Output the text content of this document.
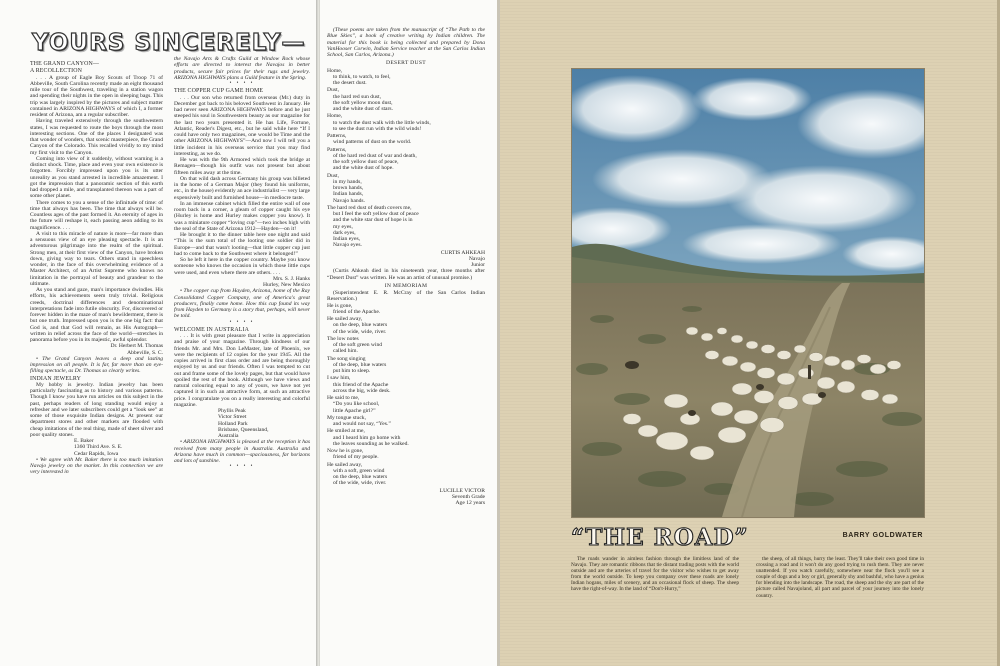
YOURS SINCERELY—
THE GRAND CANYON—
A RECOLLECTION

. . . A group of Eagle Boy Scouts of Troop 71 of Abbeville, South Carolina recently made an eight thousand mile tour of the Southwest, traveling in a station wagon and spending their nights in the open in sleeping bags. This trip was largely inspired by the pictures and subject matter contained in ARIZONA HIGHWAYS of which I, a former resident of Arizona, am a regular subscriber.

Having traveled extensively through the southwestern states, I was requested to route the boys through the most interesting sections. One of the places I designated was that wonder of wonders, that scenic masterpiece, the Grand Canyon of the Colorado. This recalled vividly to my mind my first visit to the Canyon.

Coming into view of it suddenly, without warning is a distinct shock. Time, place and even your own existence is forgotten. Forcibly impressed upon you is its utter unreality as you stand arrested in incredible amazement. I got the impression that a panoramic section of this earth had dropped a mile, and transplanted thereon was a part of some other planet.

There comes to you a sense of the infinitude of time: of time that always has been. The time that always will be. Countless ages of the past formed it. An eternity of ages in the future will reshape it, each passing aeon adding to its magnificence. . . .

A visit to this miracle of nature is more—far more than a sensuous view of an eye pleasing spectacle. It is an adventurous pilgrimage into the realm of the spiritual. Strong men, at their first view of the Canyon, have broken down, giving way to tears. Others stand in speechless wonder, in the face of this overwhelming evidence of a Master Architect, of an Artist Supreme who knows no limitation in the portrayal of beauty and grandeur to the ultimate.

As you stand and gaze, man's importance dwindles. His efforts, his achievements seem truly trivial. Religious creeds, doctrinal differences and denominational interpretations fade into futile obscurity. For, discovered or forever hidden in the maze of man's bewilderment, there is but one truth. Impressed upon you is the one big fact: that God is, and that God will remain, as His Autograph—written in relief across the face of the world—stretches in panorama before you in its majestic, awful splendor.

Dr. Herbert M. Thomas

Abbeville, S. C.

• The Grand Canyon leaves a deep and lasting impression on all people. It is far, far more than an eye-filling spectacle, as Dr. Thomas so clearly writes.

INDIAN JEWELRY

My hobby is jewelry. Indian jewelry has been particularly fascinating as to history and various patterns. Though I know you have run articles on this subject in the past, perhaps readers of long standing would enjoy a refresher and we later subscribers could get a “look see” at some of those exquisite Indian designs. At present our department stores and other markets are flooded with cheap imitations of the real thing, made of sheet silver and poor quality stones.

E. Baker

1360 Third Ave. S. E.

Cedar Rapids, Iowa

• We agree with Mr. Baker there is too much imitation Navajo jewelry on the market. In this connection we are very interested in

the Navajo Arts & Crafts Guild at Window Rock whose efforts are directed to interest the Navajos in better products, secure fair prices for their rugs and jewelry. ARIZONA HIGHWAYS plans a Guild feature in the Spring.

• • • •

THE COPPER CUP GAME HOME

. . . Our son who returned from overseas (Mr.) duty in December got back to his beloved Southwest in January. He had never seen ARIZONA HIGHWAYS before and he just steeped his soul in Southwestern beauty as our magazine for the last two years presented it. He has Life, Fortune, Atlantic, Reader's Digest, etc., but he said while here “If I could have only two magazines, one would be Time and the other ARIZONA HIGHWAYS”—And now I will tell you a little incident in his overseas service that you may find interesting, as we do.

He was with the 9th Armored which took the bridge at Remagen—though his outfit was not present but about fifteen miles away at the time.

On that wild dash across Germany his group was billeted in the home of a German Major (they found his uniforms, etc., in the house) evidently an ace industrialist — very large expensively built and furnished house—in mediocre taste.

In an immense cabinet which filled the entire wall of one room back in a corner, a gleam of copper caught his eye (Hurley is home and Hurley makes copper you know). It was a miniature copper “loving cup”—two inches high with the seal of the State of Arizona 1912—Hayden—on it!

He brought it to the dinner table here one night and said “This is the sum total of the looting one soldier did in Europe—and that wasn't looting—that little copper cup just had to come back to the Southwest where it belonged!”

So he left it here in the copper country. Maybe you know someone who knows the occasion in which those little cups were used, and even where there are others. . . .

Mrs. S. J. Hanks

Hurley, New Mexico

• The copper cup from Hayden, Arizona, home of the Ray Consolidated Copper Company, one of America's great producers, finally came home. How this cup found its way from Hayden to Germany is a story that, perhaps, will never be told.

• • • •

WELCOME IN AUSTRALIA

. . . It is with great pleasure that I write in appreciation and praise of your magazine. Through kindness of our friends Mr. and Mrs. Don LeMaster, late of Phoenix, we were the recipients of 12 copies for the year 1945. All the copies arrived in first class order and are being thoroughly enjoyed by us and our friends. Often I was tempted to cut out and frame some of the lovely pages, but that would have spoiled the rest of the book. Although we have views and natural colouring equal to any of yours, we have not yet captured it in such an attractive form, at such an attractive price. I congratulate you on a really interesting and colorful magazine.

Phyllis Peak

Victor Street

Holland Park

Brisbane, Queensland,

Australia

• ARIZONA HIGHWAYS is pleased at the reception it has received from many people in Australia. Australia and Arizona have much in common—spaciousness, far horizons and lots of sunshine.

• • • •

(These poems are taken from the manuscript of “The Path to the Blue Skies”, a book of creative writing by Indian children. The material for this book is being collected and prepared by Dona VanHooser Corwin, Indian Service teacher at the San Carlos Indian School, San Carlos, Arizona.)

DESERT DUST

Home,
to think, to watch, to feel,
the desert dust.
Dust,
the hard red sun dust,
the soft yellow moon dust,
and the white dust of stars.
Home,
to watch the dust walk with the little winds,
to see the dust run with the wild winds!
Patterns,
wind patterns of dust on the world.
Patterns,
of the hard red dust of war and death,
the soft yellow dust of peace,
and the white dust of hope.
Dust,
in my hands,
brown hands,
Indian hands,
Navajo hands.
The hard red dust of death covers me,
but I feel the soft yellow dust of peace
and the white star dust of hope is in
my eyes,
dark eyes,
Indian eyes,
Navajo eyes.

CURTIS AHKEAH

Navajo

Junior

(Curtis Ahkeah died in his nineteenth year, three months after “Desert Dust” was written. He was an artist of unusual promise.)

IN MEMORIAM

(Superintendent E. R. McCray of the San Carlos Indian Reservation.)

He is gone,
friend of the Apache.
He sailed away,
on the deep, blue waters
of the wide, wide, river.
The low notes
of the soft green wind
called him.
The song singing
of the deep, blue waters
put him to sleep.
I saw him,
this friend of the Apache
across the big, wide desk.
He said to me,
“Do you like school,
little Apache girl?”
My tongue stuck,
and would not say, “Yes.”
He smiled at me,
and I heard him go home with
the leaves sounding as he walked.
Now he is gone,
friend of my people.
He sailed away,
with a soft, green wind
on the deep, blue waters
of the wide, wide, river.

LUCILLE VICTOR

Seventh Grade

Age 12 years

“THE ROAD”	BARRY GOLDWATER
The roads wander in aimless fashion through the limitless land of the Navajo. They are romantic ribbons that tie distant trading posts with the world outside and are the arteries of travel for the visitor who wishes to get away from the world outside. To keep you company over these roads are lonely Indian hogans, miles of scenery, and an occasional flock of sheep. The sheep have the right-of-way. In the land of “Don't-Hurry,”
the sheep, of all things, hurry the least. They'll take their own good time in crossing a road and it won't do any good trying to rush them. They are never unattended. If you watch carefully, somewhere near the flock you'll see a couple of dogs and a boy or girl, generally shy and bashful, who have a genius for blending into the landscape. The road, the sheep and the shy are part of the picture called Navajoland, all part and parcel of your journey into the lonely country.
